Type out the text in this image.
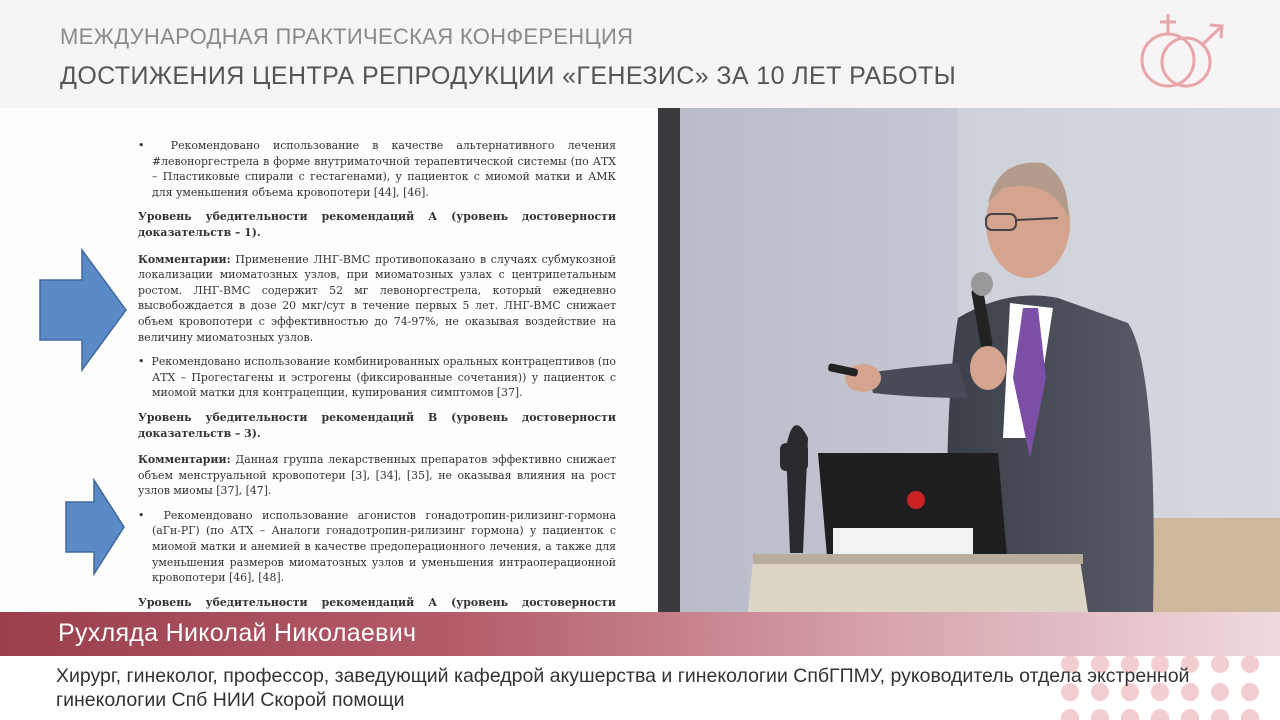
МЕЖДУНАРОДНАЯ ПРАКТИЧЕСКАЯ КОНФЕРЕНЦИЯ
ДОСТИЖЕНИЯ ЦЕНТРА РЕПРОДУКЦИИ «ГЕНЕЗИС» ЗА 10 ЛЕТ РАБОТЫ

•  Рекомендовано использование в качестве альтернативного лечения #левоноргестрела в форме внутриматочной терапевтической системы (по АТХ – Пластиковые спирали с гестагенами), у пациенток с миомой матки и АМК для уменьшения объема кровопотери [44], [46].

Уровень убедительности рекомендаций А (уровень достоверности доказательств – 1).

Комментарии: Применение ЛНГ-ВМС противопоказано в случаях субмукозной локализации миоматозных узлов, при миоматозных узлах с центрипетальным ростом. ЛНГ-ВМС содержит 52 мг левоноргестрела, который ежедневно высвобождается в дозе 20 мкг/сут в течение первых 5 лет. ЛНГ-ВМС снижает объем кровопотери с эффективностью до 74-97%, не оказывая воздействие на величину миоматозных узлов.

•  Рекомендовано использование комбинированных оральных контрацептивов (по АТХ – Прогестагены и эстрогены (фиксированные сочетания)) у пациенток с миомой матки для контрацепции, купирования симптомов [37].

Уровень убедительности рекомендаций В (уровень достоверности доказательств – 3).

Комментарии: Данная группа лекарственных препаратов эффективно снижает объем менструальной кровопотери [3], [34], [35], не оказывая влияния на рост узлов миомы [37], [47].

•  Рекомендовано использование агонистов гонадотропин-рилизинг-гормона (аГн-РГ) (по АТХ – Аналоги гонадотропин-рилизинг гормона) у пациенток с миомой матки и анемией в качестве предоперационного лечения, а также для уменьшения размеров миоматозных узлов и уменьшения интраоперационной кровопотери [46], [48].

Уровень убедительности рекомендаций А (уровень достоверности

Рухляда Николай Николаевич
Хирург, гинеколог, профессор, заведующий кафедрой акушерства и гинекологии СпбГПМУ, руководитель отдела экстренной гинекологии Спб НИИ Скорой помощи
